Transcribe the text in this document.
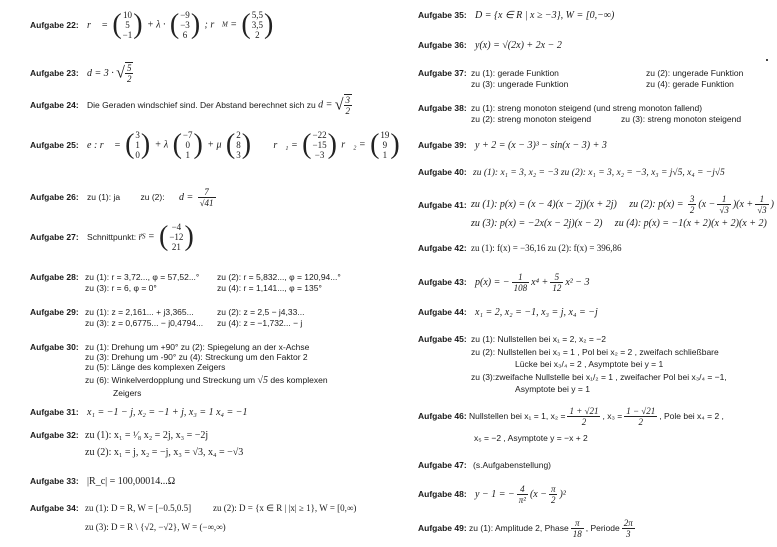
Aufgabe 22: r⃗ = ( 10
5
−1 ) + λ · ( −9
−3
6 ) ; r⃗M = ( 5,5
3,5
2 )
Aufgabe 23: d = 3 · √ $\frac{5}{2}$
Aufgabe 24: Die Geraden windschief sind. Der Abstand berechnet sich zu d = √ $\frac{3}{2}$
Aufgabe 25: e : r⃗ = ( 3
1
0 ) + λ ( −7
0
1 ) + μ ( 2
8
3 ) r⃗₁ = ( −22
−15
−3 ) r⃗₂ = ( 19
9
1 )
Aufgabe 26: zu (1): ja zu (2): $d = \frac{7}{√41}$
Aufgabe 27: Schnittpunkt: r⃗S = ( −4
−12
21 )
Aufgabe 28: zu (1): r = 3,72..., φ = 57,52...° zu (2): r = 5,832..., φ = 120,94...°
zu (3): r = 6, φ = 0°	zu (4): r = 1,141..., φ = 135°
Aufgabe 29: zu (1): z = 2,161... + j3,365...	zu (2): z = 2,5 − j4,33...
zu (3): z = 0,6775... − j0,4794... zu (4): z = −1,732... − j
Aufgabe 30: zu (1): Drehung um +90° zu (2): Spiegelung an der x-Achse
zu (3): Drehung um -90° zu (4): Streckung um den Faktor 2
zu (5): Länge des komplexen Zeigers
zu (6): Winkelverdopplung und Streckung um √5 des komplexen
Zeigers
Aufgabe 31: x₁ = −1 − j, x₂ = −1 + j, x₃ = 1 x₄ = −1
Aufgabe 32: zu (1): x₁ = ¹⁄₈ x₂ = 2j, x₃ = −2j
zu (2): x₁ = j, x₂ = −j, x₃ = √3, x₄ = −√3
Aufgabe 33: |R_c| = 100,00014...Ω
Aufgabe 34: zu (1): D = R, W = [−0.5,0.5] zu (2): D = {x ∈ R | |x| ≥ 1}, W = [0,∞)
zu (3): D = R \ {√2, −√2}, W = (−∞,∞)
Aufgabe 35: D = {x ∈ R | x ≥ −3}, W = [0,−∞)
Aufgabe 36: y(x) = √(2x) + 2x − 2
Aufgabe 37: zu (1): gerade Funktion	zu (2): ungerade Funktion
zu (3): ungerade Funktion	zu (4): gerade Funktion
Aufgabe 38: zu (1): streng monoton steigend (und streng monoton fallend)
zu (2): streng monoton steigend	zu (3): streng monoton steigend
Aufgabe 39: y + 2 = (x − 3)³ − sin(x − 3) + 3
Aufgabe 40: zu (1): x₁ = 3, x₂ = −3 zu (2): x₁ = 3, x₂ = −3, x₃ = j√5, x₄ = −j√5
Aufgabe 41: zu (1): p(x) = (x − 4)(x − 2j)(x + 2j) zu (2): $p(x) = \frac{3}{2} (x - \frac{1}{√3} )(x + \frac{1}{√3}$ )
zu (3): p(x) = −2x(x − 2j)(x − 2) zu (4): p(x) = −1(x + 2)(x + 2)(x + 2)
Aufgabe 42: zu (1): f(x) = −36,16 zu (2): f(x) = 396,86
Aufgabe 43: p(x) = − $\frac{1}{108} x^4 + \frac{5}{12} x^2 - 3$
Aufgabe 44: x₁ = 2, x₂ = −1, x₃ = j, x₄ = −j
Aufgabe 45: zu (1): Nullstellen bei x₁ = 2, x₂ = −2
zu (2): Nullstellen bei x₃ = 1 , Pol bei x₂ = 2 , zweifach schließbare
Lücke bei x₃/₄ = 2 , Asymptote bei y = 1
zu (3):zweifache Nullstelle bei x₁/₂ = 1 , zweifacher Pol bei x₃/₄ = −1,
Asymptote bei y = 1
Aufgabe 46: Nullstellen bei x₁ = 1, $x_2 = \frac{1 + √21}{2}$ , $x_3 = \frac{1 - √21}{2}$ , Pole bei x₄ = 2 ,
x₅ = −2 , Asymptote y = −x + 2
Aufgabe 47: (s.Aufgabenstellung)
Aufgabe 48: y − 1 = − $\frac{4}{\text{π²}} (x - \frac{\pi}{2} )^2$
Aufgabe 49: zu (1): Amplitude 2, Phase $\frac{\pi}{18}$ , Periode $\frac{2\pi}{3}$
